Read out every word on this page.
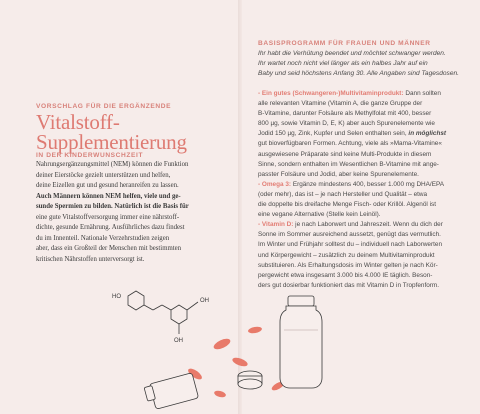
VORSCHLAG FÜR DIE ERGÄNZENDE
Vitalstoff-
Supplementierung
IN DER KINDERWUNSCHZEIT
Nahrungsergänzungsmittel (NEM) können die Funktion
deiner Eierstöcke gezielt unterstützen und helfen,
deine Eizellen gut und gesund heranreifen zu lassen.
Auch Männern können NEM helfen, viele und ge-
sunde Spermien zu bilden. Natürlich ist die Basis für
eine gute Vitalstoffversorgung immer eine nährstoff-
dichte, gesunde Ernährung. Ausführliches dazu findest
du im Innenteil. Nationale Verzehrstudien zeigen
aber, dass ein Großteil der Menschen mit bestimmten
kritischen Nährstoffen unterversorgt ist.
BASISPROGRAMM FÜR FRAUEN UND MÄNNER
Ihr habt die Verhütung beendet und möchtet schwanger werden.
Ihr wartet noch nicht viel länger als ein halbes Jahr auf ein
Baby und seid höchstens Anfang 30. Alle Angaben sind Tagesdosen.
- Ein gutes (Schwangeren-)Multivitaminprodukt: Dann sollten
alle relevanten Vitamine (Vitamin A, die ganze Gruppe der
B-Vitamine, darunter Folsäure als Methylfolat mit 400, besser
800 µg, sowie Vitamin D, E, K) aber auch Spurenelemente wie
Jodid 150 µg, Zink, Kupfer und Selen enthalten sein, in möglichst
gut bioverfügbaren Formen. Achtung, viele als »Mama-Vitamine«
ausgewiesene Präparate sind keine Multi-Produkte in diesem
Sinne, sondern enthalten im Wesentlichen B-Vitamine mit ange-
passter Folsäure und Jodid, aber keine Spurenelemente.
- Omega 3: Ergänze mindestens 400, besser 1.000 mg DHA/EPA
(oder mehr), das ist – je nach Hersteller und Qualität – etwa
die doppelte bis dreifache Menge Fisch- oder Krillöl. Algenöl ist
eine vegane Alternative (Stelle kein Leinöl).
- Vitamin D: je nach Laborwert und Jahreszeit. Wenn du dich der
Sonne im Sommer ausreichend aussetzt, genügt das vermutlich.
Im Winter und Frühjahr solltest du – individuell nach Laborwerten
und Körpergewicht – zusätzlich zu deinem Multivitaminprodukt
substituieren. Als Erhaltungsdosis im Winter gelten je nach Kör-
pergewicht etwa insgesamt 3.000 bis 4.000 IE täglich. Beson-
ders gut dosierbar funktioniert das mit Vitamin D in Tropfenform.
HO
OH
OH
